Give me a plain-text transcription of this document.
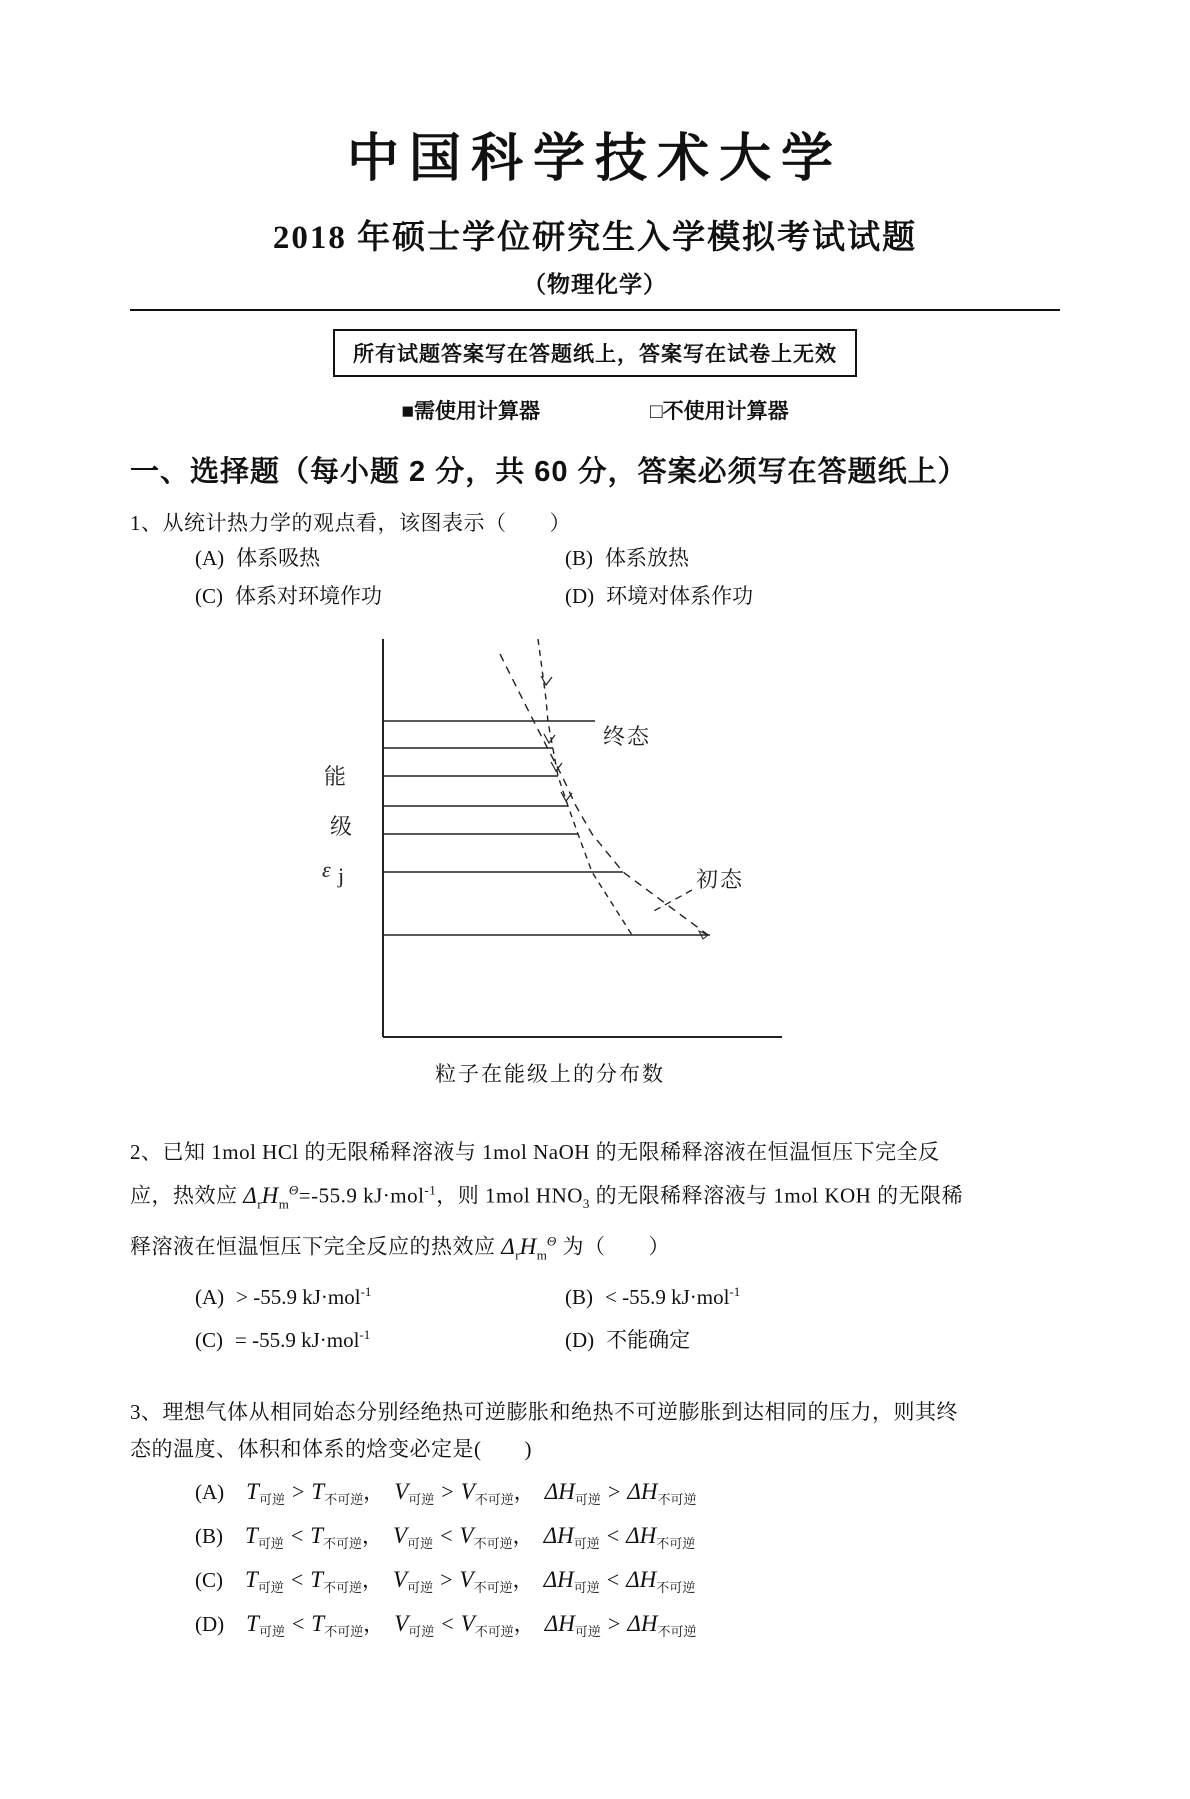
中国科学技术大学
2018 年硕士学位研究生入学模拟考试试题
（物理化学）
所有试题答案写在答题纸上，答案写在试卷上无效
■需使用计算器	□不使用计算器
一、选择题（每小题 2 分，共 60 分，答案必须写在答题纸上）

1、从统计热力学的观点看，该图表示（　　）

(A) 体系吸热	(B) 体系放热
(C) 体系对环境作功	(D) 环境对体系作功
能
级
ε j
终态
初态
粒子在能级上的分布数
2、已知 1mol HCl 的无限稀释溶液与 1mol NaOH 的无限稀释溶液在恒温恒压下完全反
应，热效应 $\Delta_rH_m^\Theta=-55.9$ kJ·mol$^{-1}$，则 1mol $HNO_3$ 的无限稀释溶液与 1mol KOH 的无限稀
释溶液在恒温恒压下完全反应的热效应 $\Delta_rH_m^\Theta$ 为（　　）
(A) > -55.9 kJ·mol$^{-1}$	(B) < -55.9 kJ·mol$^{-1}$
(C) = -55.9 kJ·mol$^{-1}$	(D) 不能确定
3、理想气体从相同始态分别经绝热可逆膨胀和绝热不可逆膨胀到达相同的压力，则其终
态的温度、体积和体系的焓变必定是(　　)
(A) $T_{可逆} > T_{不可逆}$， $V_{可逆} > V_{不可逆}$， $\Delta H_{可逆} > \Delta H_{不可逆}$
(B) $T_{可逆} < T_{不可逆}$， $V_{可逆} < V_{不可逆}$， $\Delta H_{可逆} < \Delta H_{不可逆}$
(C) $T_{可逆} < T_{不可逆}$， $V_{可逆} > V_{不可逆}$， $\Delta H_{可逆} < \Delta H_{不可逆}$
(D) $T_{可逆} < T_{不可逆}$， $V_{可逆} < V_{不可逆}$， $\Delta H_{可逆} > \Delta H_{不可逆}$
